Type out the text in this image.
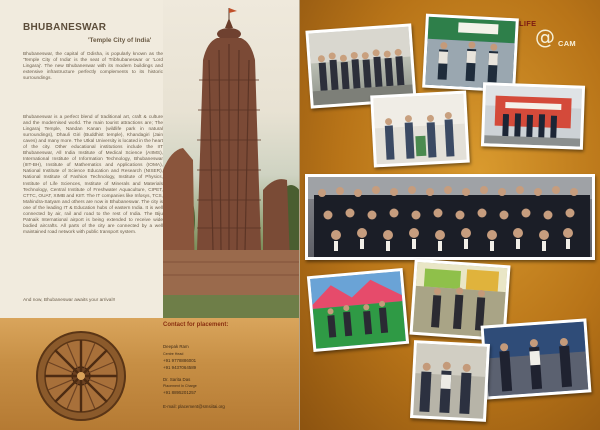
BHUBANESWAR
'Temple City of India'
Bhubaneswar, the capital of Odisha, is popularly known as the 'Temple City of India' is the seat of Tribhubaneswar or 'Lord Lingaraj'. The new Bhubaneswar with its modern buildings and extensive infrastructure perfectly complements to its historic surroundings.
Bhubaneswar is a perfect blend of traditional art, craft & culture and the modernised world. The main tourist attractions are; The Lingaraj Temple, Nandan Kanan (wildlife park in natural surroundings), Dhauli Giri (Buddhist temple), Khandagiri (Jain caves) and many more. The Utkal University is located in the heart of the city. Other educational institutions include the IIT Bhubaneswar, All India Institute of Medical Science (AIIMS), International Institute of Information Technology, Bhubaneswar (IIIT-BH), Institute of Mathematics and Applications (IOMA), National Institute of Science Education and Research (NISER), National Institute of Fashion Technology, Institute of Physics, Institute of Life Sciences, Institute of Minerals and Materials Technology, Central Institute of Freshwater Aquaculture, CIPET, CTTC, OUAT, XIMB and KIIT. The IT companies like Infosys, TCS, Mahindra-Satyam and others are now in Bhubaneswar. The city is one of the leading IT & Education hubs of eastern India. It is well connected by air, rail and road to the rest of India. The Biju Patnaik International airport is being extended to receive wide bodied aircrafts. All parts of the city are connected by a well maintained road network with public transport system.
And now, Bhubaneswar awaits your arrival!!
Contact for placement:
Deepak Ram
Centre Head
+91 9778886001
+91 9437064589
Dr. Sarita Das
Placement In Charge
+91 8895201257
E-mail: placement@smsiitai.org
LIFE
@ CAM
